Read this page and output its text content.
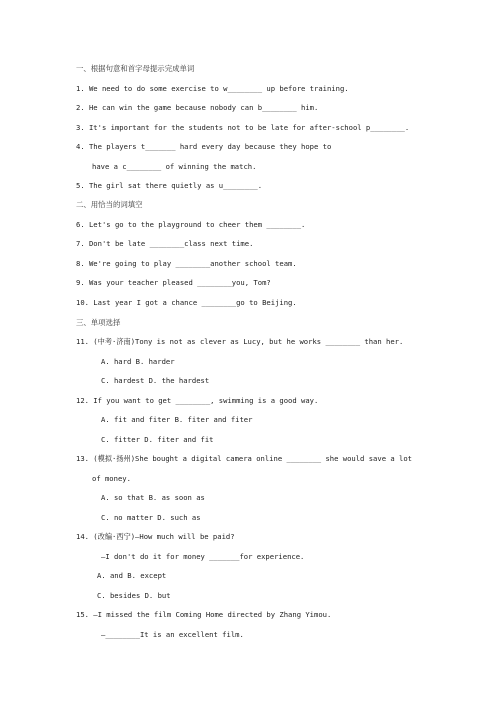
一、根据句意和首字母提示完成单词
1. We need to do some exercise to w________ up before training.
2. He can win the game because nobody can b________ him.
3. It's important for the students not to be late for after-school p________.
4. The players t_______ hard every day because they hope to
have a c________ of winning the match.
5. The girl sat there quietly as u________.
二、用恰当的词填空
6. Let's go to the playground to cheer them ________.
7. Don't be late ________class next time.
8. We're going to play ________another school team.
9. Was your teacher pleased ________you, Tom?
10. Last year I got a chance ________go to Beijing.
三、单项选择
11. (中考·济南)Tony is not as clever as Lucy, but he works ________ than her.
A. hard B. harder
C. hardest D. the hardest
12. If you want to get ________, swimming is a good way.
A. fit and fiter B. fiter and fiter
C. fitter D. fiter and fit
13. (模拟·扬州)She bought a digital camera online ________ she would save a lot
of money.
A. so that B. as soon as
C. no matter D. such as
14. (改编·西宁)—How much will be paid?
—I don't do it for money _______for experience.
A. and B. except
C. besides D. but
15. —I missed the film Coming Home directed by Zhang Yimou.
—________It is an excellent film.
